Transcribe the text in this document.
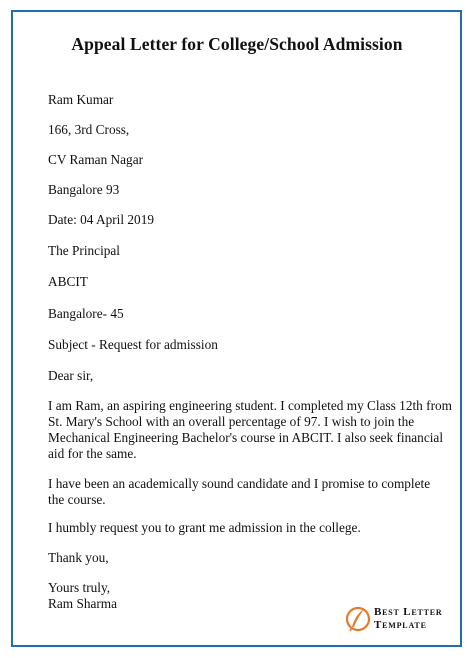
Appeal Letter for College/School Admission
Ram Kumar
166, 3rd Cross,
CV Raman Nagar
Bangalore 93
Date: 04 April 2019
The Principal
ABCIT
Bangalore- 45
Subject - Request for admission
Dear sir,
I am Ram, an aspiring engineering student. I completed my Class 12th from
St. Mary's School with an overall percentage of 97. I wish to join the
Mechanical Engineering Bachelor's course in ABCIT. I also seek financial
aid for the same.
I have been an academically sound candidate and I promise to complete
the course.
I humbly request you to grant me admission in the college.
Thank you,
Yours truly,
Ram Sharma
Best Letter
Template
